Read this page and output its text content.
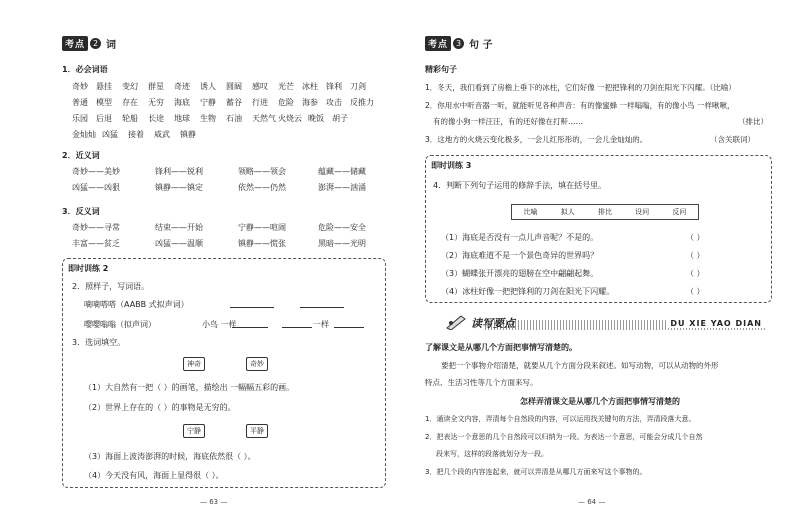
考点 2 词
1．必会词语
奇妙	悬挂	变幻	群星	奇迹	诱人	圆阔	感叹	光芒	冰柱	锋利	刀剑
普通	模型	存在	无穷	海底	宁静	蓄谷	行进	危险	海参	攻击	反推力
乐园	后退	轮船	长途	地球	生物	石油	天然气 火烧云 晚饭	胡子
金灿灿 凶猛	接着	威武	镇静
2．近义词
奇妙——美妙	锋利——锐利	领略——领会	蕴藏——储藏
凶猛——凶狠	镇静——镇定	依然——仍然	澎湃——汹涌
3．反义词
奇妙——寻常	结束——开始	宁静——喧闹	危险——安全
丰富——贫乏	凶猛——温顺	镇静——慌张	黑暗——光明
即时训练 2
2．照样子，写词语。
嘀嘀嗒嗒（AABB 式拟声词）
嘤嘤嗡嗡（拟声词）	小鸟 一样	一样
3．选词填空。
神奇	奇妙
（1）大自然有一把（ ）的画笔，描绘出 一幅幅五彩的画。
（2）世界上存在的（ ）的事物是无穷的。
宁静	平静
（3）海面上波涛澎湃的时候，海底依然很（ ）。
（4）今天没有风，海面上显得很（ ）。
— 63 —
考点 3 句 子
精彩句子
1．冬天，我们看到了房檐上垂下的冰柱，它们好像 一把把锋利的刀剑在阳光下闪耀。（比喻）
2．你用水中听音器一听，就能听见各种声音：有的像蜜蜂 一样嗡嗡，有的像小鸟 一样啾啾，
有的像小狗一样汪汪，有的还好像在打鼾……	（排比）
3．这地方的火烧云变化极多，一会儿红彤彤的，一会儿金灿灿的。	（含关联词）
即时训练 3
4．判断下列句子运用的修辞手法，填在括号里。
比喻	拟人	排比	设问	反问
（1）海底是否没有一点儿声音呢？不是的。	（ ）
（2）海底难道不是一个景色奇异的世界吗？	（ ）
（3）蝴蝶张开漂亮的翅膀在空中翩翩起舞。	（ ）
（4）冰柱好像一把把锋利的刀剑在阳光下闪耀。	（ ）
读写要点	DU XIE YAO DIAN
了解课文是从哪几个方面把事情写清楚的。
要把一个事物介绍清楚，就要从几个方面分段来叙述。如写动物，可以从动物的外形
特点、生活习性等几个方面来写。
怎样弄清课文是从哪几个方面把事情写清楚的
1．通读全文内容，弄清每个自然段的内容，可以运用找关键句的方法，弄清段落大意。
2．把表达一个意思的几个自然段可以归纳为一段。为表达一个意思，可能会分成几个自然
段来写，这样的段落就划分为一段。
3．把几个段的内容连起来，就可以弄清是从哪几方面来写这个事物的。
— 64 —
